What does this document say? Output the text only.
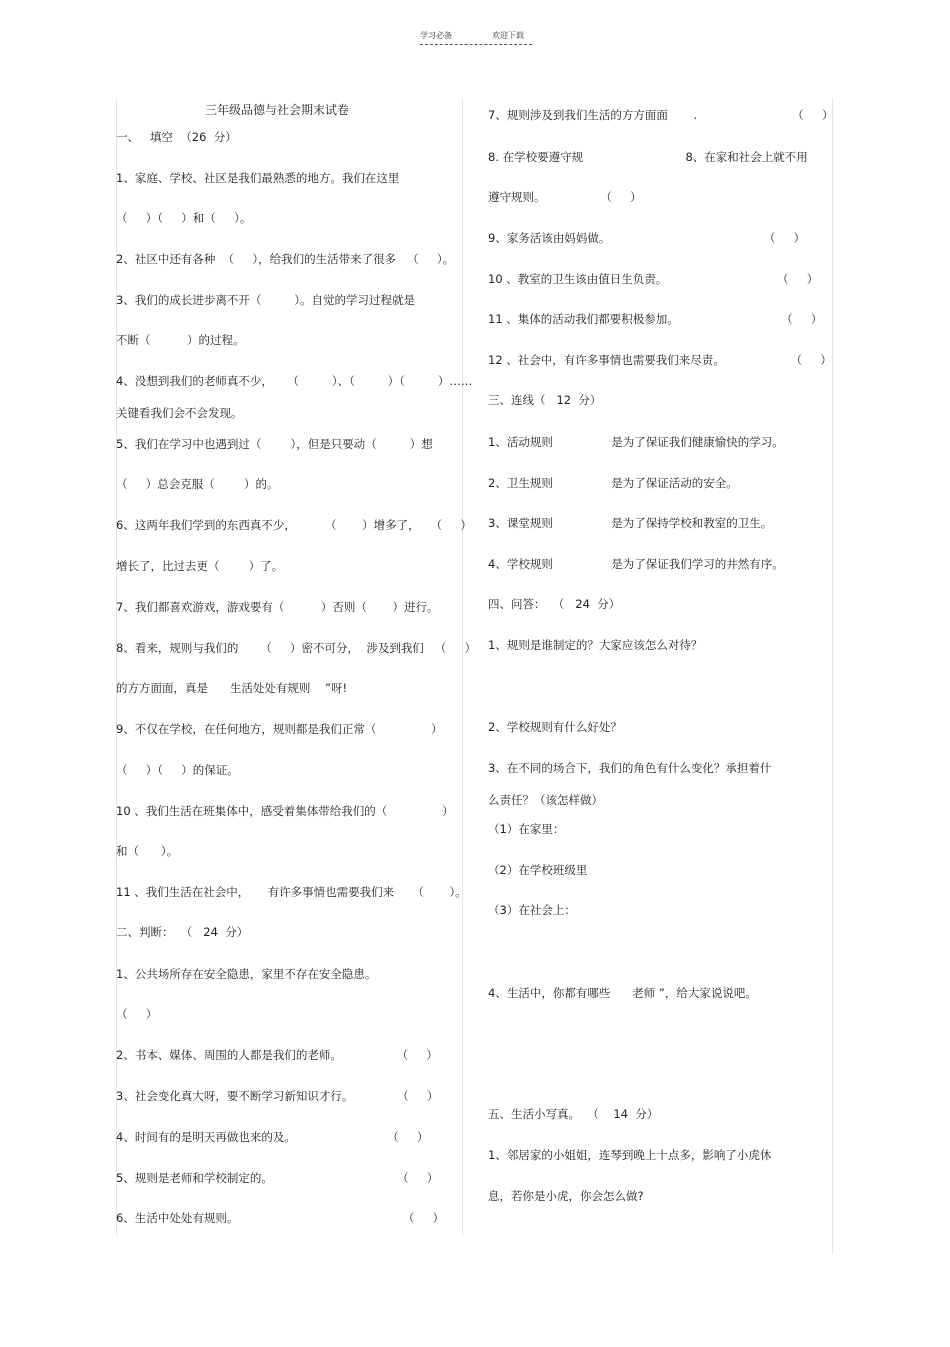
学习必备	欢迎下载
三年级品德与社会期末试卷
一、   填空  （26  分）
1、家庭、学校、社区是我们最熟悉的地方。我们在这里
（     ）（     ）和（     ）。
2、社区中还有各种  （     ），给我们的生活带来了很多   （     ）。
3、我们的成长进步离不开（         ）。自觉的学习过程就是
不断（          ）的过程。
4、没想到我们的老师真不少，    （         ）、（         ）（         ）……
关键看我们会不会发现。
5、我们在学习中也遇到过（        ），但是只要动（         ）想
（     ）总会克服（        ）的。
6、这两年我们学到的东西真不少，        （       ）增多了，   （     ）
增长了，比过去更（        ）了。
7、我们都喜欢游戏，游戏要有（          ）否则（       ）进行。
8、看来，规则与我们的      （     ）密不可分，  涉及到我们   （     ）
的方方面面，真是      生活处处有规则    ”呀!
9、不仅在学校，在任何地方，规则都是我们正常（               ）
（     ）（     ）的保证。
10 、我们生活在班集体中，感受着集体带给我们的（               ）
和（      ）。
11 、我们生活在社会中，     有许多事情也需要我们来     （       ）。
二、判断：  （   24  分）
1、公共场所存在安全隐患，家里不存在安全隐患。
（     ）
2、书本、媒体、周围的人都是我们的老师。               （     ）
3、社会变化真大呀，要不断学习新知识才行。            （     ）
4、时间有的是明天再做也来的及。                         （     ）
5、规则是老师和学校制定的。                                  （     ）
6、生活中处处有规则。                                             （     ）
7、规则涉及到我们生活的方方面面       .                          （     ）
8. 在学校要遵守规                            8、在家和社会上就不用
遵守规则。               （     ）
9、家务活该由妈妈做。                                          （     ）
10 、教室的卫生该由值日生负责。                              （     ）
11 、集体的活动我们都要积极参加。                            （     ）
12 、社会中，有许多事情也需要我们来尽责。                  （     ）
三、连线（   12  分）
1、活动规则                是为了保证我们健康愉快的学习。
2、卫生规则                是为了保证活动的安全。
3、课堂规则                是为了保持学校和教室的卫生。
4、学校规则                是为了保证我们学习的井然有序。
四、问答：  （   24  分）
1、规则是谁制定的？大家应该怎么对待？
2、学校规则有什么好处？
3、在不同的场合下，我们的角色有什么变化？承担着什
么责任？（该怎样做）
（1）在家里：
（2）在学校班级里
（3）在社会上：
4、生活中，你都有哪些      老师 ”，给大家说说吧。
五、生活小写真。  （    14  分）
1、邻居家的小姐姐，连琴到晚上十点多，影响了小虎休
息，若你是小虎，你会怎么做?
